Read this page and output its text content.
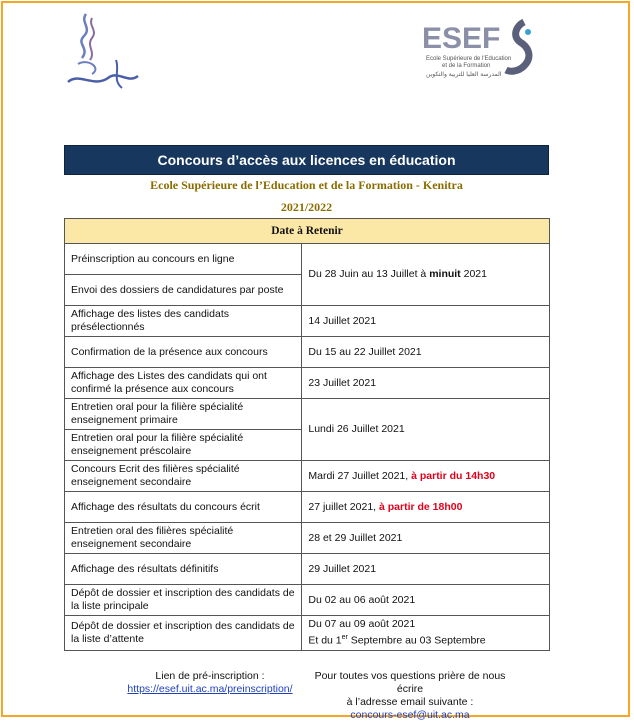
ESEF
Ecole Supérieure de l'Education
et de la Formation
المدرسة العليا للتربية والتكوين
Concours d’accès aux licences en éducation
Ecole Supérieure de l’Education et de la Formation - Kenitra
2021/2022
Date à Retenir	
Préinscription au concours en ligne	Du 28 Juin au 13 Juillet à minuit 2021
Envoi des dossiers de candidatures par poste	
Affichage des listes des candidats présélectionnés	14 Juillet 2021
Confirmation de la présence aux concours	Du 15 au 22 Juillet 2021
Affichage des Listes des candidats qui ont confirmé la présence aux concours	23 Juillet 2021
Entretien oral pour la filière spécialité enseignement primaire	Lundi 26 Juillet 2021
Entretien oral pour la filière spécialité enseignement préscolaire	
Concours Ecrit des filières spécialité enseignement secondaire	Mardi 27 Juillet 2021, à partir du 14h30
Affichage des résultats du concours écrit	27 juillet 2021, à partir de 18h00
Entretien oral des filières spécialité enseignement secondaire	28 et 29 Juillet 2021
Affichage des résultats définitifs	29 Juillet 2021
Dépôt de dossier et inscription des candidats de la liste principale	Du 02 au 06 août 2021
Dépôt de dossier et inscription des candidats de la liste d’attente	Du 07 au 09 août 2021
Et du 1er Septembre au 03 Septembre
Lien de pré-inscription :
https://esef.uit.ac.ma/preinscription/
Pour toutes vos questions prière de nous écrire
à l’adresse email suivante :
concours-esef@uit.ac.ma
